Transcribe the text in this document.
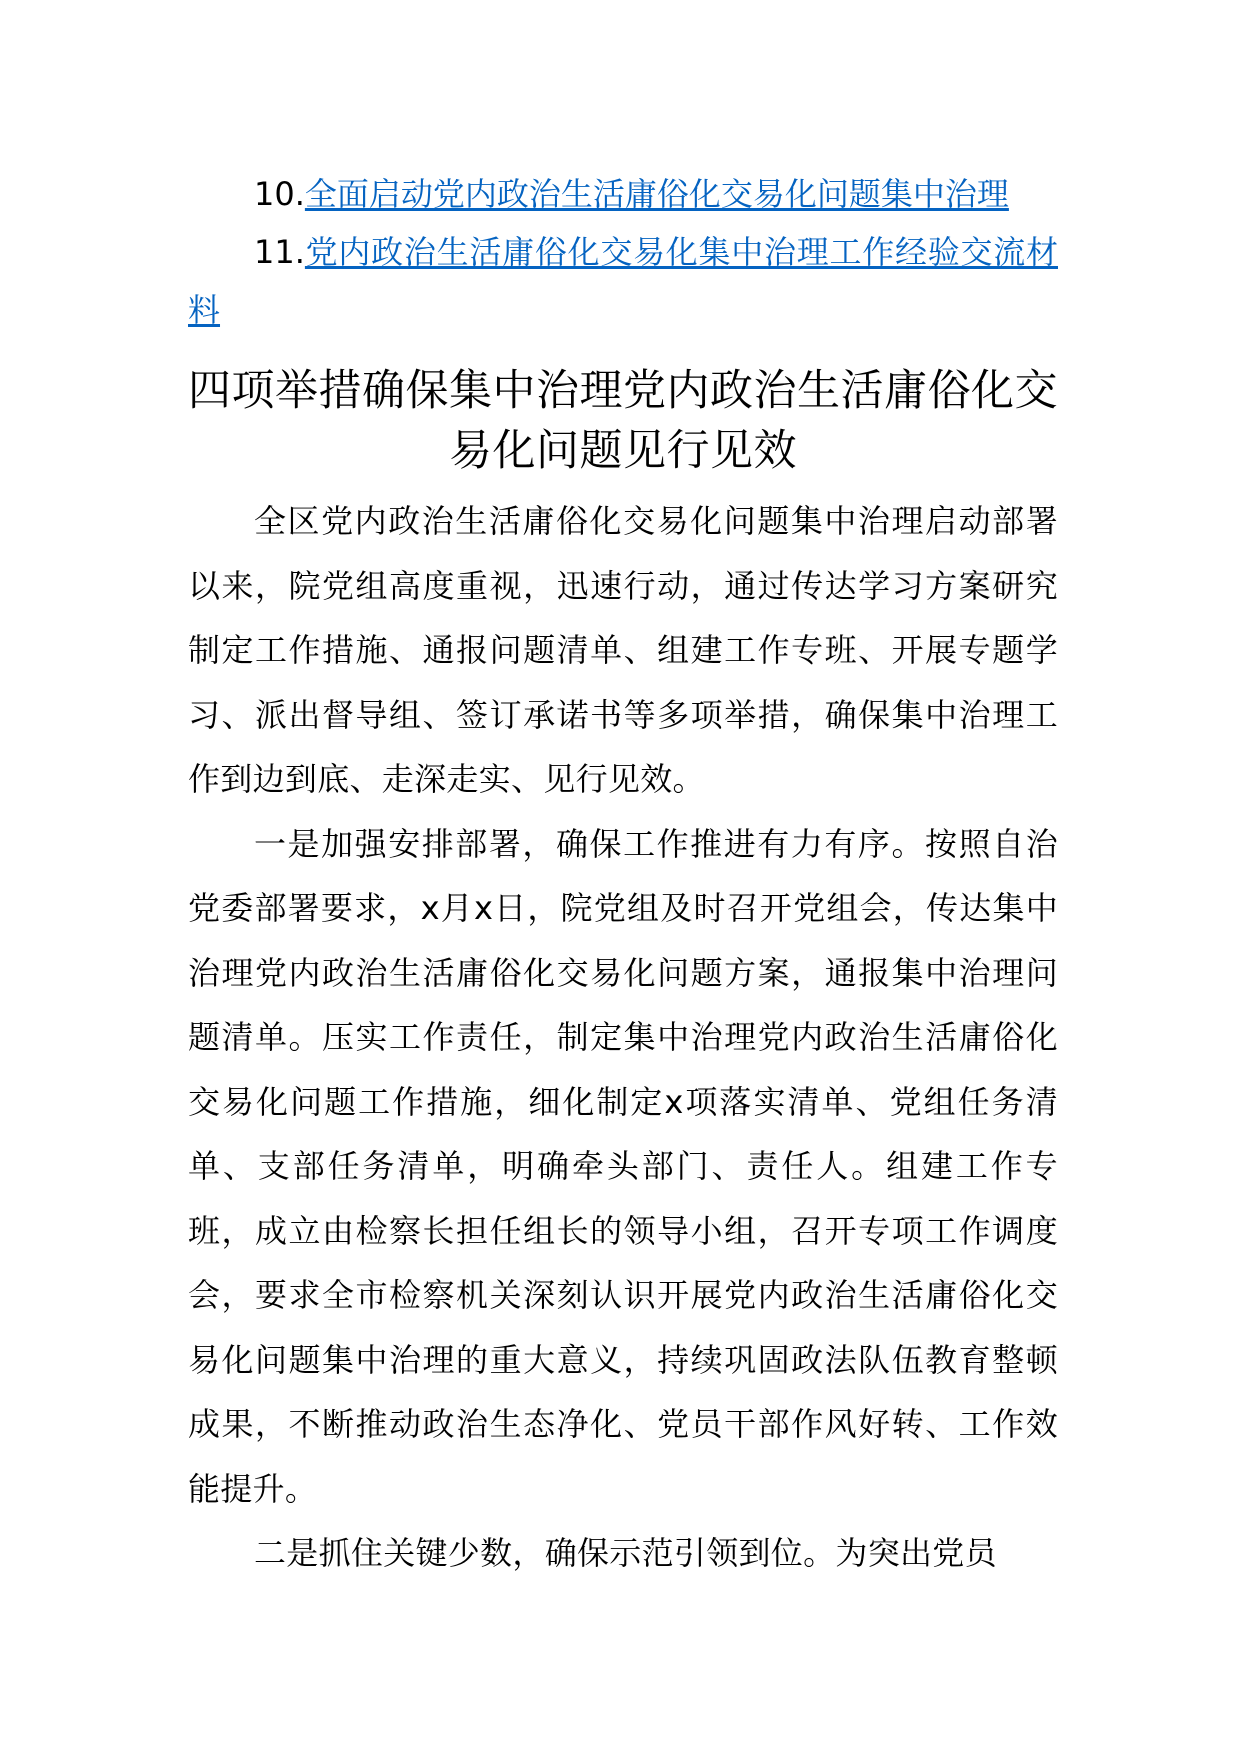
10.全面启动党内政治生活庸俗化交易化问题集中治理

11.党内政治生活庸俗化交易化集中治理工作经验交流材料

四项举措确保集中治理党内政治生活庸俗化交易化问题见行见效

全区党内政治生活庸俗化交易化问题集中治理启动部署以来，院党组高度重视，迅速行动，通过传达学习方案研究制定工作措施、通报问题清单、组建工作专班、开展专题学习、派出督导组、签订承诺书等多项举措，确保集中治理工作到边到底、走深走实、见行见效。

一是加强安排部署，确保工作推进有力有序。按照自治党委部署要求，x月x日，院党组及时召开党组会，传达集中治理党内政治生活庸俗化交易化问题方案，通报集中治理问题清单。压实工作责任，制定集中治理党内政治生活庸俗化交易化问题工作措施，细化制定x项落实清单、党组任务清单、支部任务清单，明确牵头部门、责任人。组建工作专班，成立由检察长担任组长的领导小组，召开专项工作调度会，要求全市检察机关深刻认识开展党内政治生活庸俗化交易化问题集中治理的重大意义，持续巩固政法队伍教育整顿成果，不断推动政治生态净化、党员干部作风好转、工作效能提升。

二是抓住关键少数，确保示范引领到位。为突出党员
